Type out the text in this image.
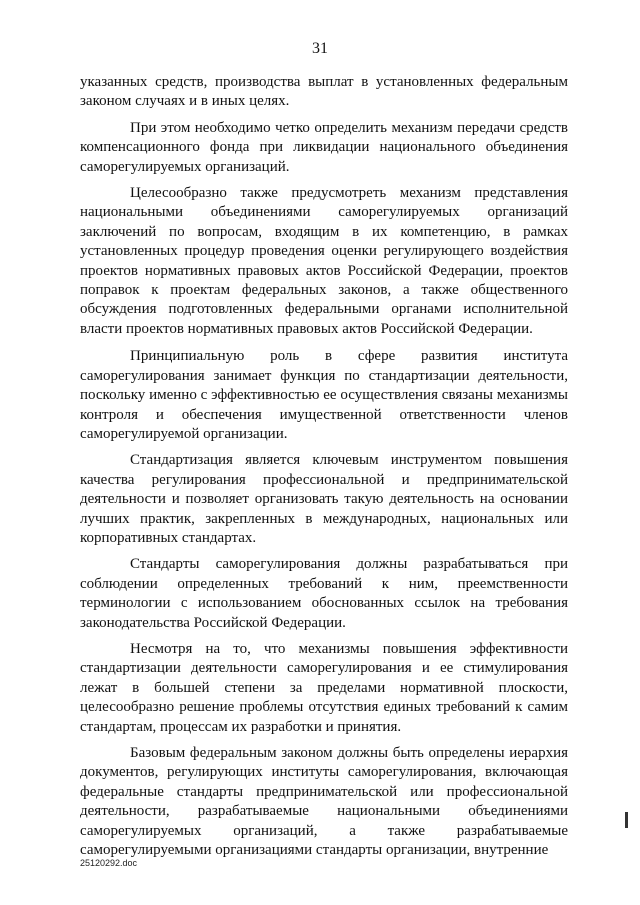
31

указанных средств, производства выплат в установленных федеральным законом случаях и в иных целях.

При этом необходимо четко определить механизм передачи средств компенсационного фонда при ликвидации национального объединения саморегулируемых организаций.

Целесообразно также предусмотреть механизм представления национальными объединениями саморегулируемых организаций заключений по вопросам, входящим в их компетенцию, в рамках установленных процедур проведения оценки регулирующего воздействия проектов нормативных правовых актов Российской Федерации, проектов поправок к проектам федеральных законов, а также общественного обсуждения подготовленных федеральными органами исполнительной власти проектов нормативных правовых актов Российской Федерации.

Принципиальную роль в сфере развития института саморегулирования занимает функция по стандартизации деятельности, поскольку именно с эффективностью ее осуществления связаны механизмы контроля и обеспечения имущественной ответственности членов саморегулируемой организации.

Стандартизация является ключевым инструментом повышения качества регулирования профессиональной и предпринимательской деятельности и позволяет организовать такую деятельность на основании лучших практик, закрепленных в международных, национальных или корпоративных стандартах.

Стандарты саморегулирования должны разрабатываться при соблюдении определенных требований к ним, преемственности терминологии с использованием обоснованных ссылок на требования законодательства Российской Федерации.

Несмотря на то, что механизмы повышения эффективности стандартизации деятельности саморегулирования и ее стимулирования лежат в большей степени за пределами нормативной плоскости, целесообразно решение проблемы отсутствия единых требований к самим стандартам, процессам их разработки и принятия.

Базовым федеральным законом должны быть определены иерархия документов, регулирующих институты саморегулирования, включающая федеральные стандарты предпринимательской или профессиональной деятельности, разрабатываемые национальными объединениями саморегулируемых организаций, а также разрабатываемые саморегулируемыми организациями стандарты организации, внутренние

25120292.doc
